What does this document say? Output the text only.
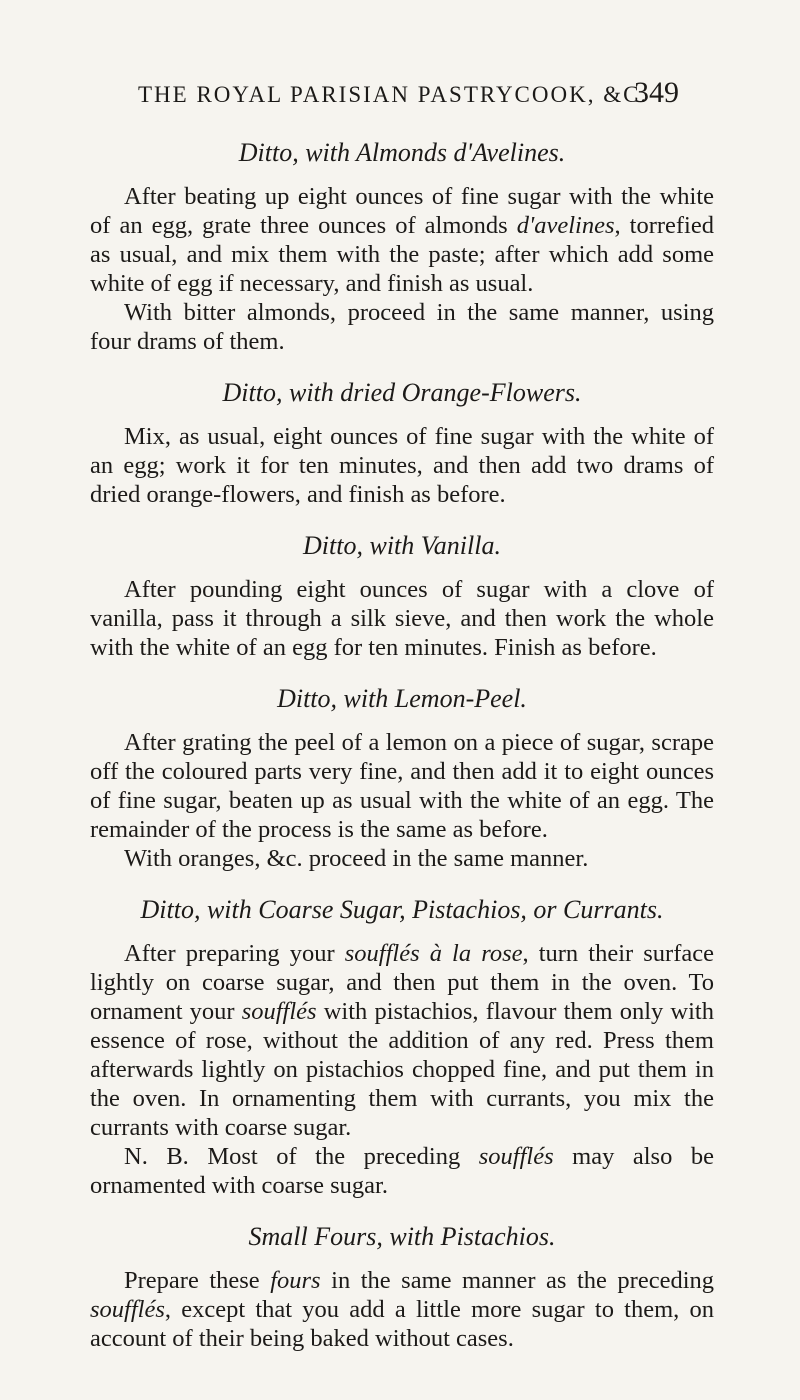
THE ROYAL PARISIAN PASTRYCOOK, &C.
349
Ditto, with Almonds d'Avelines.

After beating up eight ounces of fine sugar with the white of an egg, grate three ounces of almonds d'avelines, torrefied as usual, and mix them with the paste; after which add some white of egg if necessary, and finish as usual.

With bitter almonds, proceed in the same manner, using four drams of them.

Ditto, with dried Orange-Flowers.

Mix, as usual, eight ounces of fine sugar with the white of an egg; work it for ten minutes, and then add two drams of dried orange-flowers, and finish as before.

Ditto, with Vanilla.

After pounding eight ounces of sugar with a clove of vanilla, pass it through a silk sieve, and then work the whole with the white of an egg for ten minutes. Finish as before.

Ditto, with Lemon-Peel.

After grating the peel of a lemon on a piece of sugar, scrape off the coloured parts very fine, and then add it to eight ounces of fine sugar, beaten up as usual with the white of an egg. The remainder of the process is the same as before.

With oranges, &c. proceed in the same manner.

Ditto, with Coarse Sugar, Pistachios, or Currants.

After preparing your soufflés à la rose, turn their surface lightly on coarse sugar, and then put them in the oven. To ornament your soufflés with pistachios, flavour them only with essence of rose, without the addition of any red. Press them afterwards lightly on pistachios chopped fine, and put them in the oven. In ornamenting them with currants, you mix the currants with coarse sugar.

N. B. Most of the preceding soufflés may also be ornamented with coarse sugar.

Small Fours, with Pistachios.

Prepare these fours in the same manner as the preceding soufflés, except that you add a little more sugar to them, on account of their being baked without cases.
